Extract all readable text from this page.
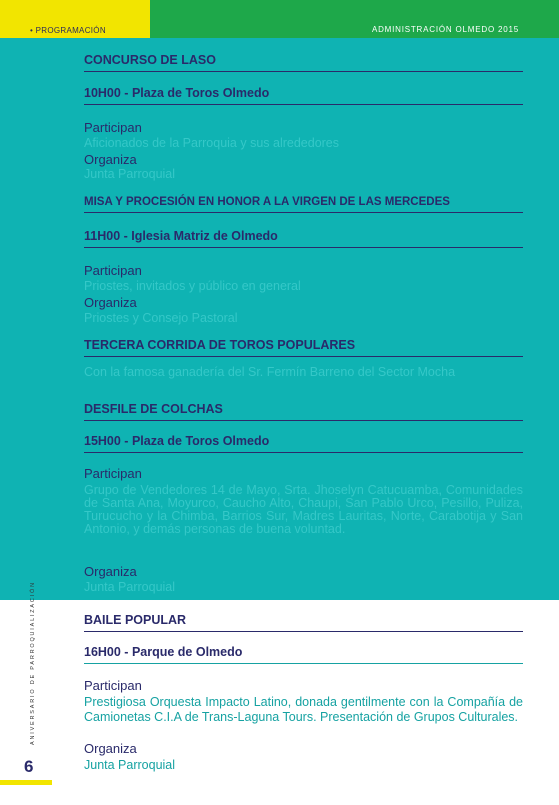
• PROGRAMACIÓN	ADMINISTRACIÓN OLMEDO 2015
CONCURSO DE LASO
10H00 - Plaza de Toros Olmedo
Participan
Aficionados de la Parroquia y sus alrededores
Organiza
Junta Parroquial
MISA Y PROCESIÓN EN HONOR A LA VIRGEN DE LAS MERCEDES
11H00 - Iglesia Matriz de Olmedo
Participan
Priostes, invitados y público en general
Organiza
Priostes y Consejo Pastoral
TERCERA CORRIDA DE TOROS POPULARES
Con la famosa ganadería del Sr. Fermín Barreno del Sector Mocha
DESFILE DE COLCHAS
15H00 - Plaza de Toros Olmedo
Participan
Grupo de Vendedores 14 de Mayo, Srta. Jhoselyn Catucuamba, Comunidades de Santa Ana, Moyurco, Caucho Alto, Chaupi, San Pablo Urco, Pesillo, Puliza, Turucucho y la Chimba, Barrios Sur, Madres Lauritas, Norte, Carabotija y San Antonio, y demás personas de buena voluntad.
Organiza
Junta Parroquial
BAILE POPULAR
16H00 - Parque de Olmedo
Participan
Prestigiosa Orquesta Impacto Latino, donada gentilmente con la Compañía de Camionetas C.I.A de Trans-Laguna Tours. Presentación de Grupos Culturales.
Organiza
Junta Parroquial
ANIVERSARIO DE PARROQUIALIZACIÓN
6
